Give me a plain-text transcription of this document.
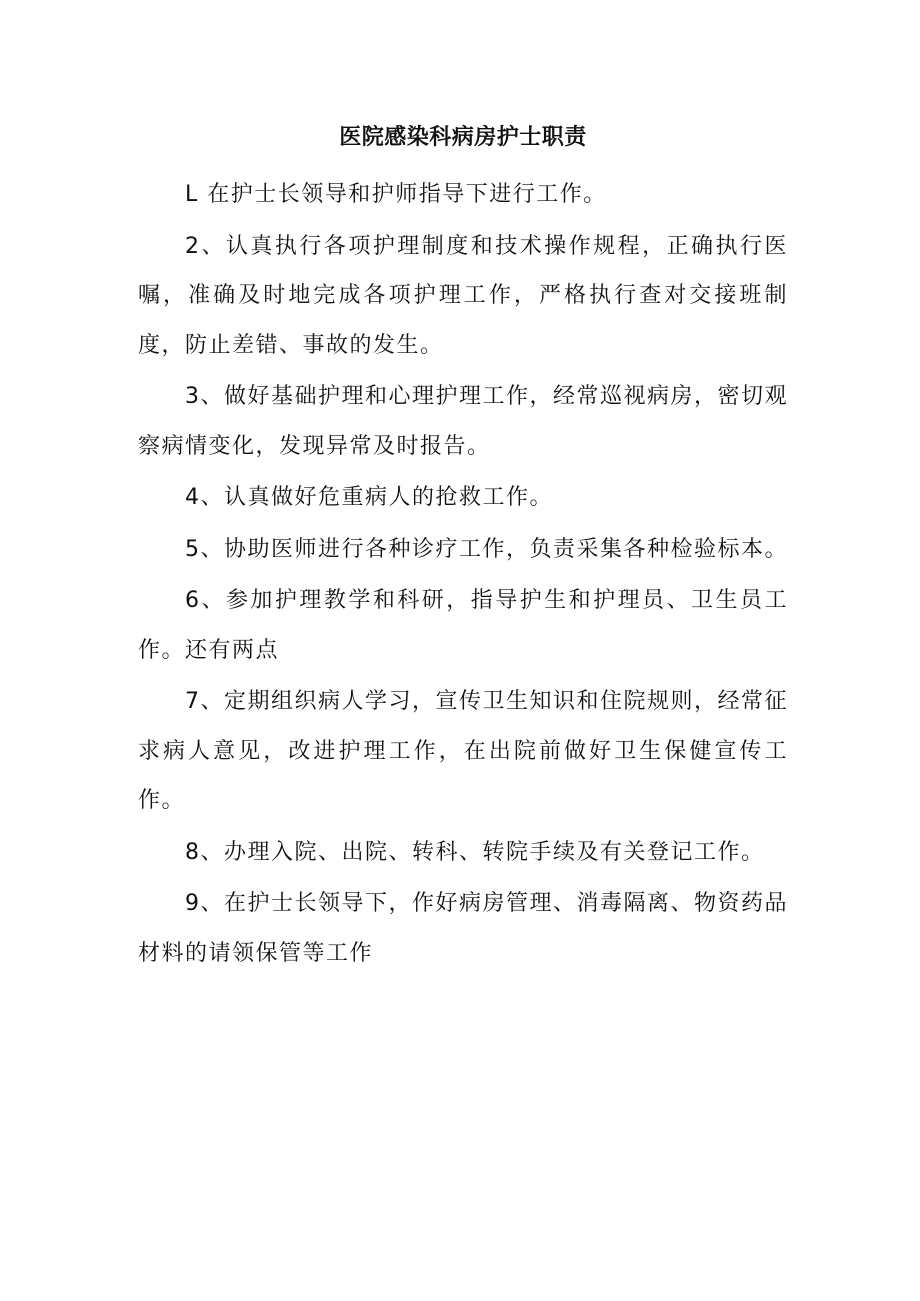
医院感染科病房护士职责

L 在护士长领导和护师指导下进行工作。

2、认真执行各项护理制度和技术操作规程，正确执行医嘱，准确及时地完成各项护理工作，严格执行查对交接班制度，防止差错、事故的发生。

3、做好基础护理和心理护理工作，经常巡视病房，密切观察病情变化，发现异常及时报告。

4、认真做好危重病人的抢救工作。

5、协助医师进行各种诊疗工作，负责采集各种检验标本。

6、参加护理教学和科研，指导护生和护理员、卫生员工作。还有两点

7、定期组织病人学习，宣传卫生知识和住院规则，经常征求病人意见，改进护理工作，在出院前做好卫生保健宣传工作。

8、办理入院、出院、转科、转院手续及有关登记工作。

9、在护士长领导下，作好病房管理、消毒隔离、物资药品材料的请领保管等工作
